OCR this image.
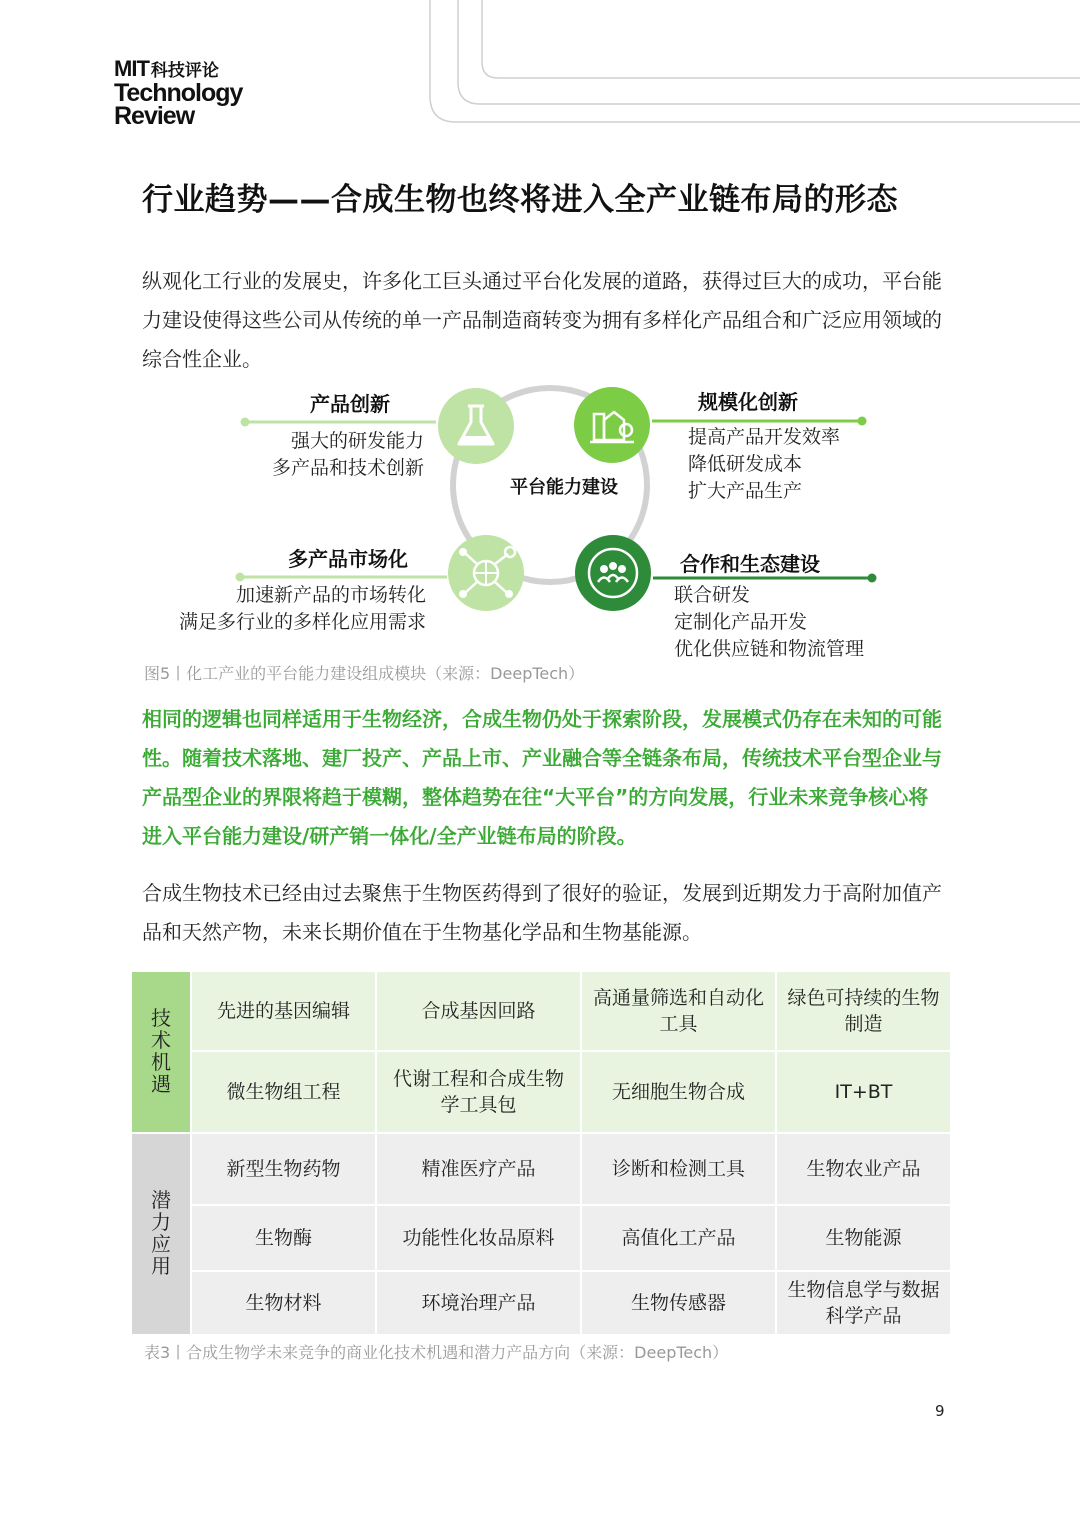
MIT 科技评论
Technology
Review
行业趋势——合成生物也终将进入全产业链布局的形态

纵观化工行业的发展史，许多化工巨头通过平台化发展的道路，获得过巨大的成功，平台能力建设使得这些公司从传统的单一产品制造商转变为拥有多样化产品组合和广泛应用领域的综合性企业。

平台能力建设
产品创新
强大的研发能力
多产品和技术创新
规模化创新
提高产品开发效率
降低研发成本
扩大产品生产
多产品市场化
加速新产品的市场转化
满足多行业的多样化应用需求
合作和生态建设
联合研发
定制化产品开发
优化供应链和物流管理
图5丨化工产业的平台能力建设组成模块（来源：DeepTech）

相同的逻辑也同样适用于生物经济，合成生物仍处于探索阶段，发展模式仍存在未知的可能性。随着技术落地、建厂投产、产品上市、产业融合等全链条布局，传统技术平台型企业与产品型企业的界限将趋于模糊，整体趋势在往“大平台”的方向发展，行业未来竞争核心将进入平台能力建设/研产销一体化/全产业链布局的阶段。

合成生物技术已经由过去聚焦于生物医药得到了很好的验证，发展到近期发力于高附加值产品和天然产物，未来长期价值在于生物基化学品和生物基能源。

技术机遇	先进的基因编辑	合成基因回路	高通量筛选和自动化工具	绿色可持续的生物制造
	微生物组工程	代谢工程和合成生物学工具包	无细胞生物合成	IT+BT
潜力应用	新型生物药物	精准医疗产品	诊断和检测工具	生物农业产品
	生物酶	功能性化妆品原料	高值化工产品	生物能源
	生物材料	环境治理产品	生物传感器	生物信息学与数据科学产品
表3丨合成生物学未来竞争的商业化技术机遇和潜力产品方向（来源：DeepTech）
9
